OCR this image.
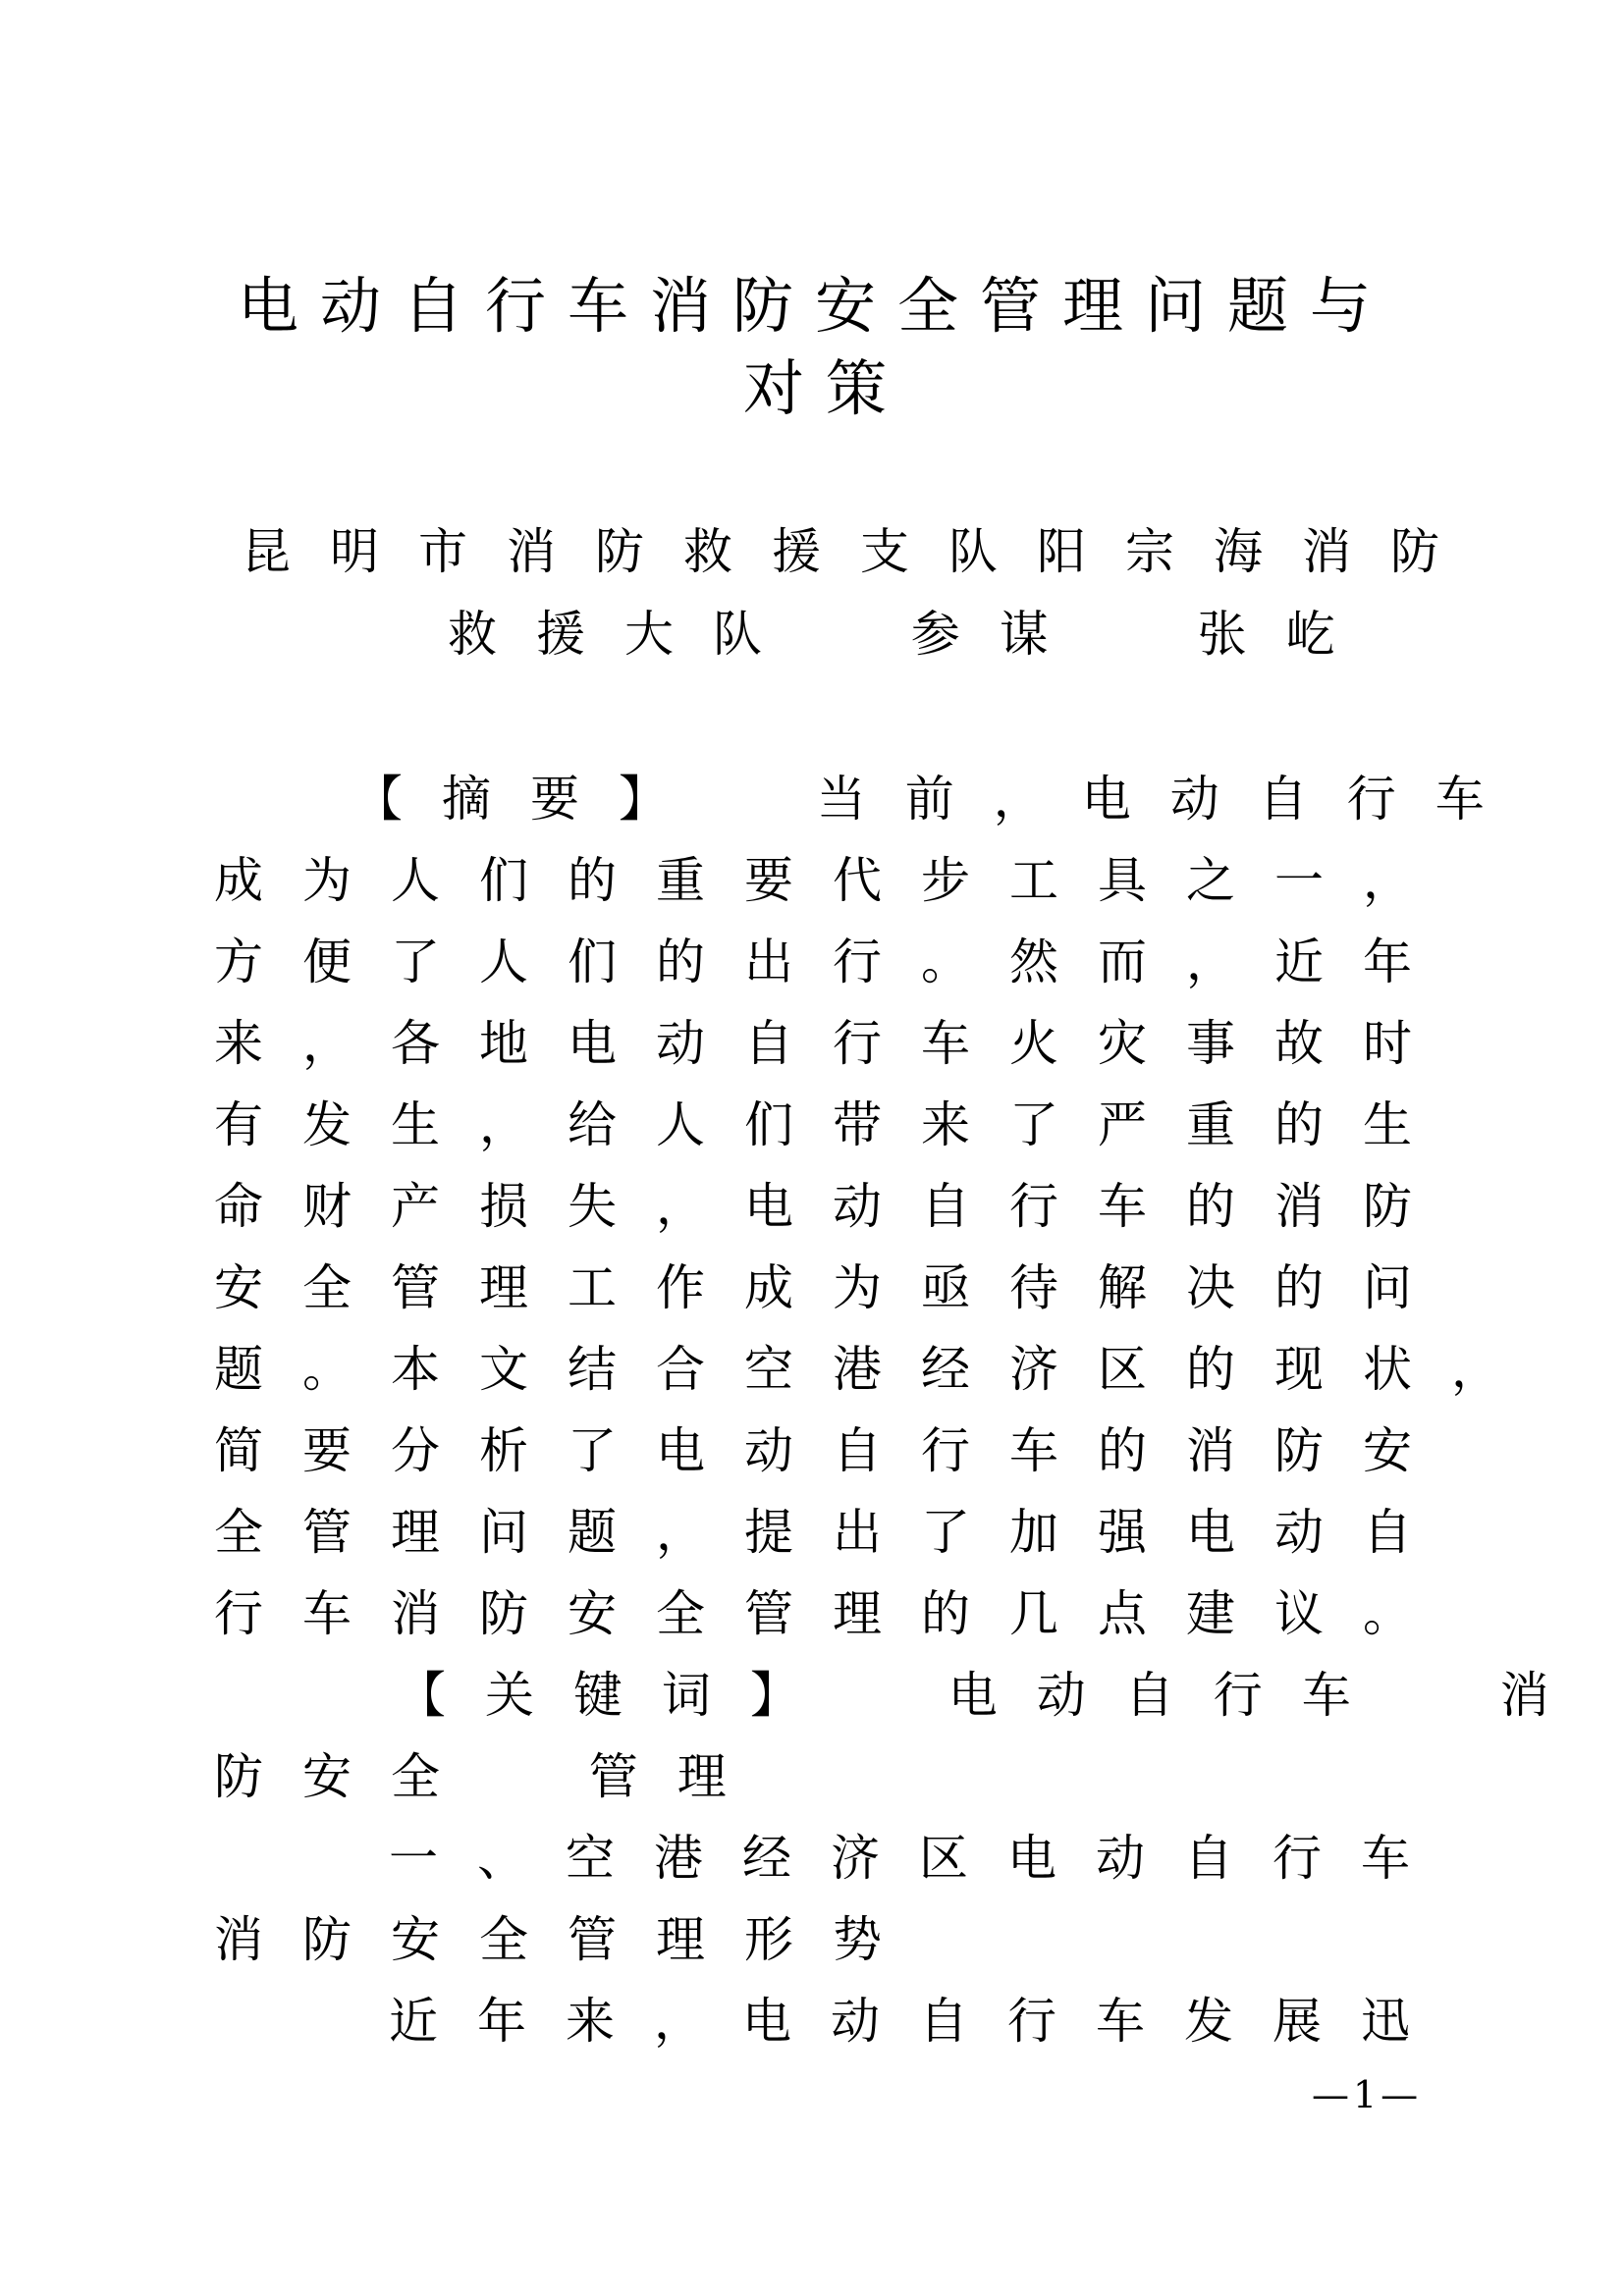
电动自行车消防安全管理问题与
对策
昆明市消防救援支队阳宗海消防
救援大队  参谋  张屹
【摘要】  当前，电动自行车
成为人们的重要代步工具之一，
方便了人们的出行。然而，近年
来，各地电动自行车火灾事故时
有发生，给人们带来了严重的生
命财产损失，电动自行车的消防
安全管理工作成为亟待解决的问
题。本文结合空港经济区的现状，
简要分析了电动自行车的消防安
全管理问题，提出了加强电动自
行车消防安全管理的几点建议。
【关键词】  电动自行车  消
防安全  管理
一、空港经济区电动自行车
消防安全管理形势
近年来，电动自行车发展迅
—1—
